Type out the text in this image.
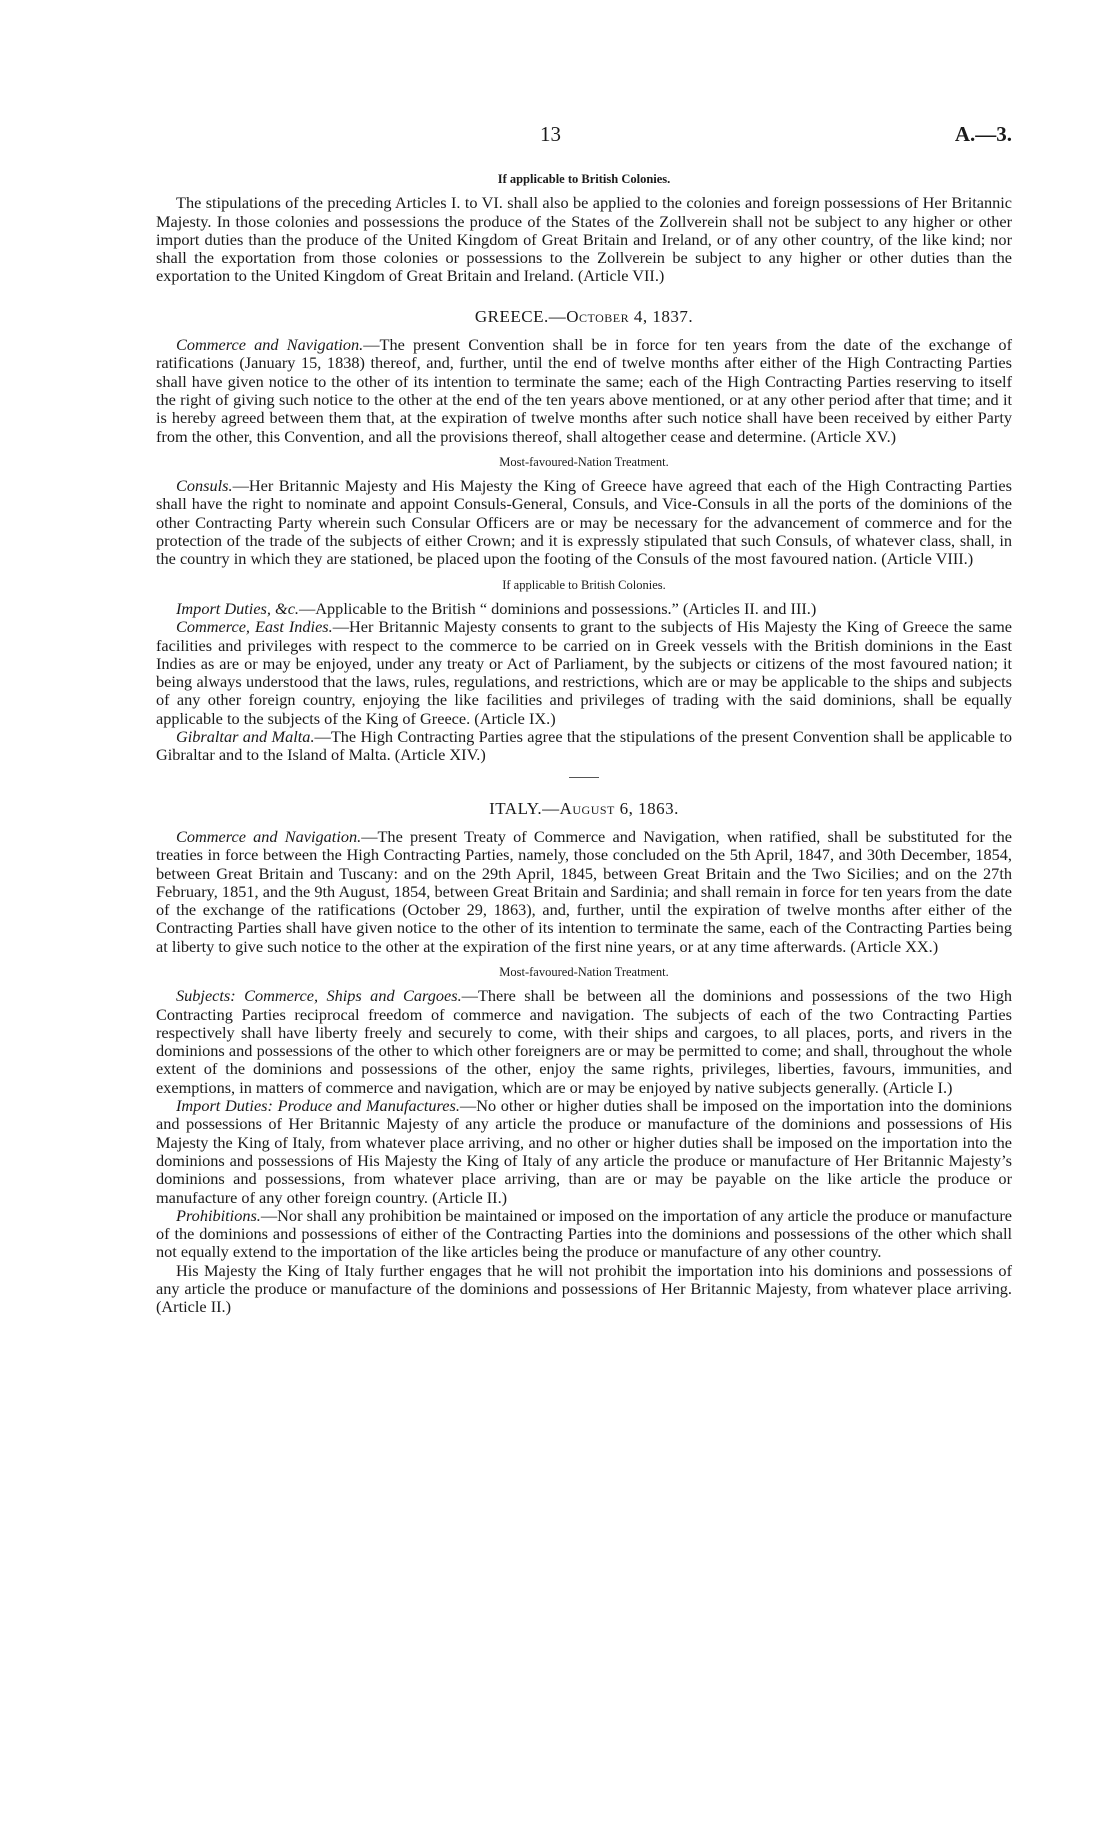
13	A.—3.
If applicable to British Colonies.

The stipulations of the preceding Articles I. to VI. shall also be applied to the colonies and foreign possessions of Her Britannic Majesty. In those colonies and possessions the produce of the States of the Zollverein shall not be subject to any higher or other import duties than the produce of the United Kingdom of Great Britain and Ireland, or of any other country, of the like kind; nor shall the exportation from those colonies or possessions to the Zollverein be subject to any higher or other duties than the exportation to the United Kingdom of Great Britain and Ireland. (Article VII.)

GREECE.—October 4, 1837.

Commerce and Navigation.—The present Convention shall be in force for ten years from the date of the exchange of ratifications (January 15, 1838) thereof, and, further, until the end of twelve months after either of the High Contracting Parties shall have given notice to the other of its intention to terminate the same; each of the High Contracting Parties reserving to itself the right of giving such notice to the other at the end of the ten years above mentioned, or at any other period after that time; and it is hereby agreed between them that, at the expiration of twelve months after such notice shall have been received by either Party from the other, this Convention, and all the provisions thereof, shall altogether cease and determine. (Article XV.)

Most-favoured-Nation Treatment.

Consuls.—Her Britannic Majesty and His Majesty the King of Greece have agreed that each of the High Contracting Parties shall have the right to nominate and appoint Consuls-General, Consuls, and Vice-Consuls in all the ports of the dominions of the other Contracting Party wherein such Consular Officers are or may be necessary for the advancement of commerce and for the protection of the trade of the subjects of either Crown; and it is expressly stipulated that such Consuls, of whatever class, shall, in the country in which they are stationed, be placed upon the footing of the Consuls of the most favoured nation. (Article VIII.)

If applicable to British Colonies.

Import Duties, &c.—Applicable to the British “ dominions and possessions.” (Articles II. and III.)

Commerce, East Indies.—Her Britannic Majesty consents to grant to the subjects of His Majesty the King of Greece the same facilities and privileges with respect to the commerce to be carried on in Greek vessels with the British dominions in the East Indies as are or may be enjoyed, under any treaty or Act of Parliament, by the subjects or citizens of the most favoured nation; it being always understood that the laws, rules, regulations, and restrictions, which are or may be applicable to the ships and subjects of any other foreign country, enjoying the like facilities and privileges of trading with the said dominions, shall be equally applicable to the subjects of the King of Greece. (Article IX.)

Gibraltar and Malta.—The High Contracting Parties agree that the stipulations of the present Convention shall be applicable to Gibraltar and to the Island of Malta. (Article XIV.)

ITALY.—August 6, 1863.

Commerce and Navigation.—The present Treaty of Commerce and Navigation, when ratified, shall be substituted for the treaties in force between the High Contracting Parties, namely, those concluded on the 5th April, 1847, and 30th December, 1854, between Great Britain and Tuscany: and on the 29th April, 1845, between Great Britain and the Two Sicilies; and on the 27th February, 1851, and the 9th August, 1854, between Great Britain and Sardinia; and shall remain in force for ten years from the date of the exchange of the ratifications (October 29, 1863), and, further, until the expiration of twelve months after either of the Contracting Parties shall have given notice to the other of its intention to terminate the same, each of the Contracting Parties being at liberty to give such notice to the other at the expiration of the first nine years, or at any time afterwards. (Article XX.)

Most-favoured-Nation Treatment.

Subjects: Commerce, Ships and Cargoes.—There shall be between all the dominions and possessions of the two High Contracting Parties reciprocal freedom of commerce and navigation. The subjects of each of the two Contracting Parties respectively shall have liberty freely and securely to come, with their ships and cargoes, to all places, ports, and rivers in the dominions and possessions of the other to which other foreigners are or may be permitted to come; and shall, throughout the whole extent of the dominions and possessions of the other, enjoy the same rights, privileges, liberties, favours, immunities, and exemptions, in matters of commerce and navigation, which are or may be enjoyed by native subjects generally. (Article I.)

Import Duties: Produce and Manufactures.—No other or higher duties shall be imposed on the importation into the dominions and possessions of Her Britannic Majesty of any article the produce or manufacture of the dominions and possessions of His Majesty the King of Italy, from whatever place arriving, and no other or higher duties shall be imposed on the importation into the dominions and possessions of His Majesty the King of Italy of any article the produce or manufacture of Her Britannic Majesty’s dominions and possessions, from whatever place arriving, than are or may be payable on the like article the produce or manufacture of any other foreign country. (Article II.)

Prohibitions.—Nor shall any prohibition be maintained or imposed on the importation of any article the produce or manufacture of the dominions and possessions of either of the Contracting Parties into the dominions and possessions of the other which shall not equally extend to the importation of the like articles being the produce or manufacture of any other country.

His Majesty the King of Italy further engages that he will not prohibit the importation into his dominions and possessions of any article the produce or manufacture of the dominions and possessions of Her Britannic Majesty, from whatever place arriving. (Article II.)
